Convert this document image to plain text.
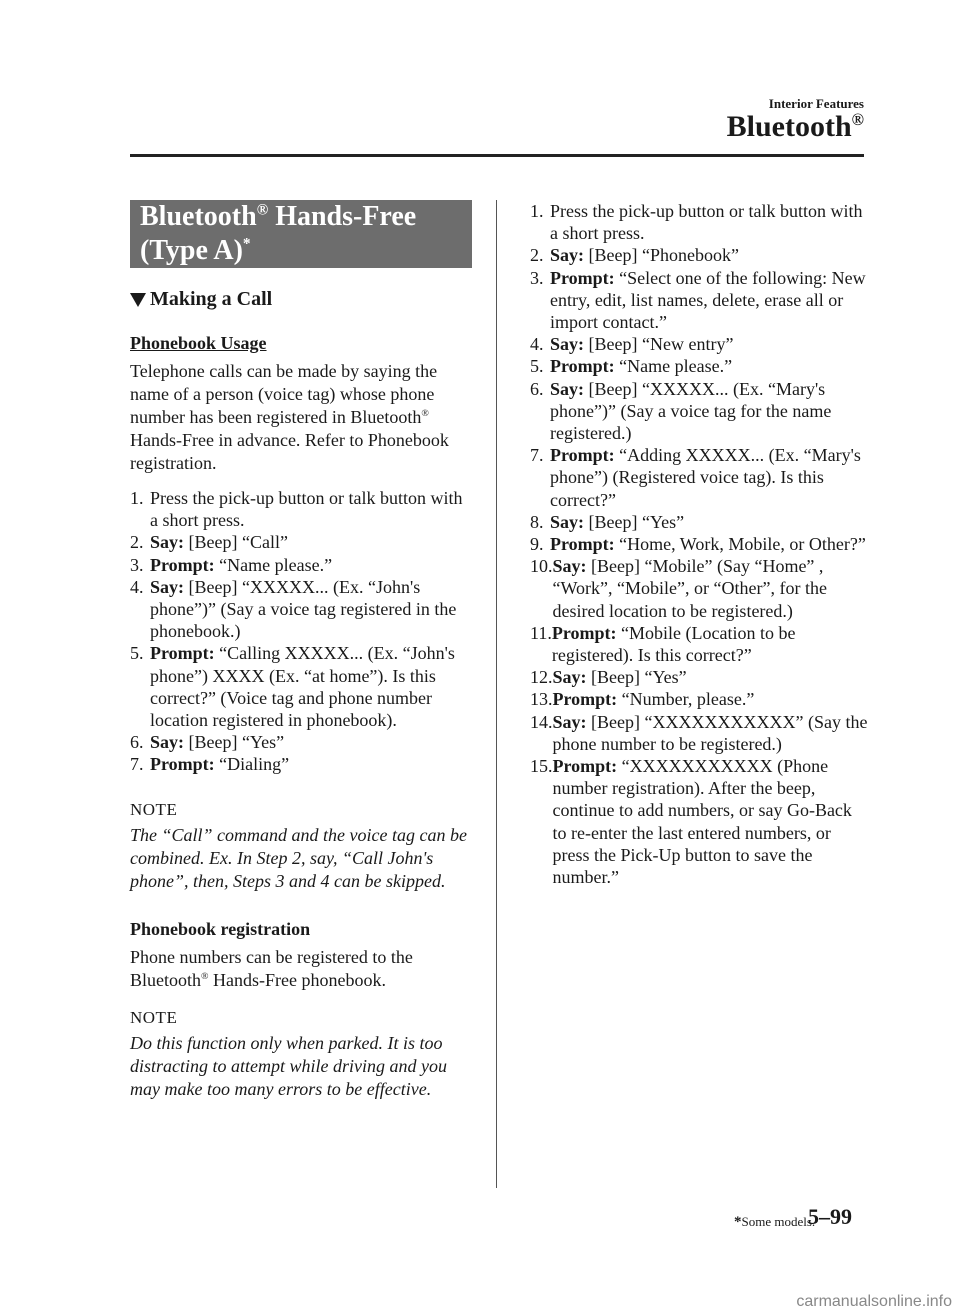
Interior Features
Bluetooth®
Bluetooth® Hands-Free
(Type A)*
Making a Call
Phonebook Usage

Telephone calls can be made by saying the name of a person (voice tag) whose phone number has been registered in Bluetooth® Hands-Free in advance. Refer to Phonebook registration.

1. Press the pick-up button or talk button with a short press.
2. Say: [Beep] “Call”
3. Prompt: “Name please.”
4. Say: [Beep] “XXXXX... (Ex. “John's phone”)” (Say a voice tag registered in the phonebook.)
5. Prompt: “Calling XXXXX... (Ex. “John's phone”) XXXX (Ex. “at home”). Is this correct?” (Voice tag and phone number location registered in phonebook).
6. Say: [Beep] “Yes”
7. Prompt: “Dialing”
NOTE
The “Call” command and the voice tag can be combined. Ex. In Step 2, say, “Call John's phone”, then, Steps 3 and 4 can be skipped.
Phonebook registration

Phone numbers can be registered to the Bluetooth® Hands-Free phonebook.

NOTE
Do this function only when parked. It is too distracting to attempt while driving and you may make too many errors to be effective.
1. Press the pick-up button or talk button with a short press.
2. Say: [Beep] “Phonebook”
3. Prompt: “Select one of the following: New entry, edit, list names, delete, erase all or import contact.”
4. Say: [Beep] “New entry”
5. Prompt: “Name please.”
6. Say: [Beep] “XXXXX... (Ex. “Mary's phone”)” (Say a voice tag for the name registered.)
7. Prompt: “Adding XXXXX... (Ex. “Mary's phone”) (Registered voice tag). Is this correct?”
8. Say: [Beep] “Yes”
9. Prompt: “Home, Work, Mobile, or Other?”
10. Say: [Beep] “Mobile” (Say “Home” , “Work”, “Mobile”, or “Other”, for the desired location to be registered.)
11. Prompt: “Mobile (Location to be registered). Is this correct?”
12. Say: [Beep] “Yes”
13. Prompt: “Number, please.”
14. Say: [Beep] “XXXXXXXXXXX” (Say the phone number to be registered.)
15. Prompt: “XXXXXXXXXXX (Phone number registration). After the beep, continue to add numbers, or say Go-Back to re-enter the last entered numbers, or press the Pick-Up button to save the number.”
*Some models.
5–99
carmanualsonline.info
